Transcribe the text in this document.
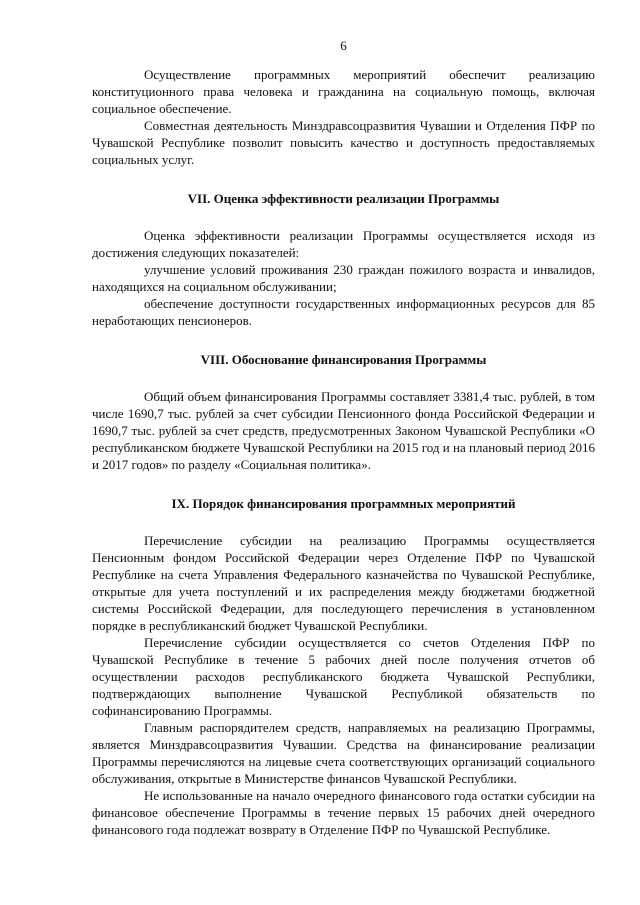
6

Осуществление программных мероприятий обеспечит реализацию конституционного права человека и гражданина на социальную помощь, включая социальное обеспечение.

Совместная деятельность Минздравсоцразвития Чувашии и Отделения ПФР по Чувашской Республике позволит повысить качество и доступность предоставляемых социальных услуг.

VII. Оценка эффективности реализации Программы

Оценка эффективности реализации Программы осуществляется исходя из достижения следующих показателей:

улучшение условий проживания 230 граждан пожилого возраста и инвалидов, находящихся на социальном обслуживании;

обеспечение доступности государственных информационных ресурсов для 85 неработающих пенсионеров.

VIII. Обоснование финансирования Программы

Общий объем финансирования Программы составляет 3381,4 тыс. рублей, в том числе 1690,7 тыс. рублей за счет субсидии Пенсионного фонда Российской Федерации и 1690,7 тыс. рублей за счет средств, предусмотренных Законом Чувашской Республики «О республиканском бюджете Чувашской Республики на 2015 год и на плановый период 2016 и 2017 годов» по разделу «Социальная политика».

IX. Порядок финансирования программных мероприятий

Перечисление субсидии на реализацию Программы осуществляется Пенсионным фондом Российской Федерации через Отделение ПФР по Чувашской Республике на счета Управления Федерального казначейства по Чувашской Республике, открытые для учета поступлений и их распределения между бюджетами бюджетной системы Российской Федерации, для последующего перечисления в установленном порядке в республиканский бюджет Чувашской Республики.

Перечисление субсидии осуществляется со счетов Отделения ПФР по Чувашской Республике в течение 5 рабочих дней после получения отчетов об осуществлении расходов республиканского бюджета Чувашской Республики, подтверждающих выполнение Чувашской Республикой обязательств по софинансированию Программы.

Главным распорядителем средств, направляемых на реализацию Программы, является Минздравсоцразвития Чувашии. Средства на финансирование реализации Программы перечисляются на лицевые счета соответствующих организаций социального обслуживания, открытые в Министерстве финансов Чувашской Республики.

Не использованные на начало очередного финансового года остатки субсидии на финансовое обеспечение Программы в течение первых 15 рабочих дней очередного финансового года подлежат возврату в Отделение ПФР по Чувашской Республике.
